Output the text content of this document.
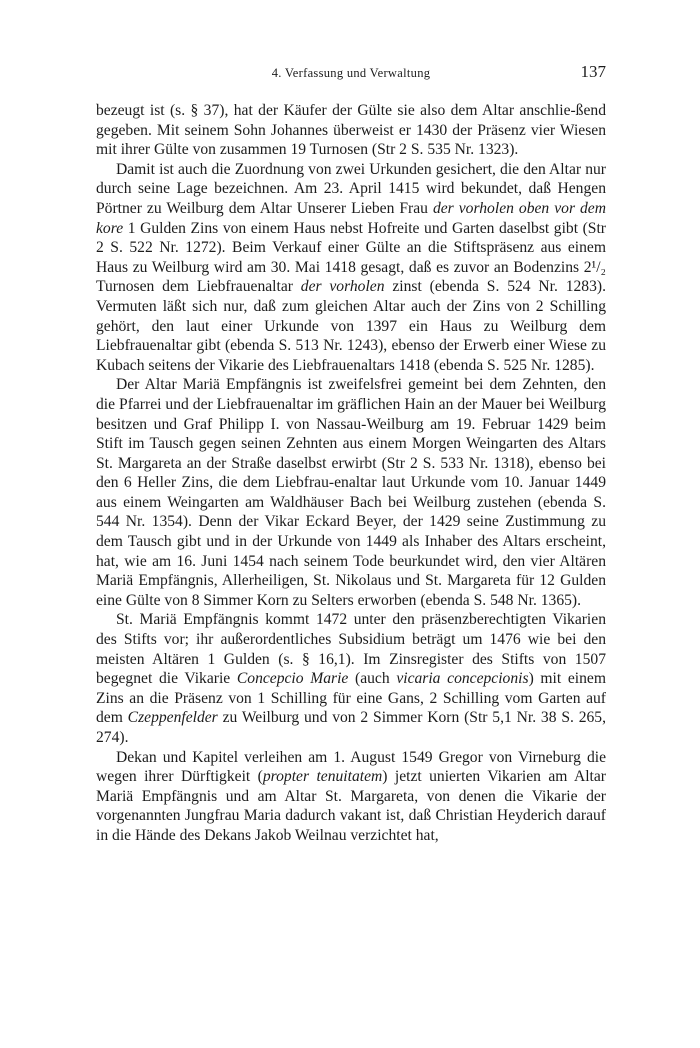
4. Verfassung und Verwaltung	137

bezeugt ist (s. § 37), hat der Käufer der Gülte sie also dem Altar anschlie-ßend gegeben. Mit seinem Sohn Johannes überweist er 1430 der Präsenz vier Wiesen mit ihrer Gülte von zusammen 19 Turnosen (Str 2 S. 535 Nr. 1323).

Damit ist auch die Zuordnung von zwei Urkunden gesichert, die den Altar nur durch seine Lage bezeichnen. Am 23. April 1415 wird bekundet, daß Hengen Pörtner zu Weilburg dem Altar Unserer Lieben Frau der vorholen oben vor dem kore 1 Gulden Zins von einem Haus nebst Hofreite und Garten daselbst gibt (Str 2 S. 522 Nr. 1272). Beim Verkauf einer Gülte an die Stiftspräsenz aus einem Haus zu Weilburg wird am 30. Mai 1418 gesagt, daß es zuvor an Bodenzins 2¹/₂ Turnosen dem Liebfrauenaltar der vorholen zinst (ebenda S. 524 Nr. 1283). Vermuten läßt sich nur, daß zum gleichen Altar auch der Zins von 2 Schilling gehört, den laut einer Urkunde von 1397 ein Haus zu Weilburg dem Liebfrauenaltar gibt (ebenda S. 513 Nr. 1243), ebenso der Erwerb einer Wiese zu Kubach seitens der Vikarie des Liebfrauenaltars 1418 (ebenda S. 525 Nr. 1285).

Der Altar Mariä Empfängnis ist zweifelsfrei gemeint bei dem Zehnten, den die Pfarrei und der Liebfrauenaltar im gräflichen Hain an der Mauer bei Weilburg besitzen und Graf Philipp I. von Nassau-Weilburg am 19. Februar 1429 beim Stift im Tausch gegen seinen Zehnten aus einem Morgen Weingarten des Altars St. Margareta an der Straße daselbst erwirbt (Str 2 S. 533 Nr. 1318), ebenso bei den 6 Heller Zins, die dem Liebfrau-enaltar laut Urkunde vom 10. Januar 1449 aus einem Weingarten am Waldhäuser Bach bei Weilburg zustehen (ebenda S. 544 Nr. 1354). Denn der Vikar Eckard Beyer, der 1429 seine Zustimmung zu dem Tausch gibt und in der Urkunde von 1449 als Inhaber des Altars erscheint, hat, wie am 16. Juni 1454 nach seinem Tode beurkundet wird, den vier Altären Mariä Empfängnis, Allerheiligen, St. Nikolaus und St. Margareta für 12 Gulden eine Gülte von 8 Simmer Korn zu Selters erworben (ebenda S. 548 Nr. 1365).

St. Mariä Empfängnis kommt 1472 unter den präsenzberechtigten Vikarien des Stifts vor; ihr außerordentliches Subsidium beträgt um 1476 wie bei den meisten Altären 1 Gulden (s. § 16,1). Im Zinsregister des Stifts von 1507 begegnet die Vikarie Concepcio Marie (auch vicaria concepcionis) mit einem Zins an die Präsenz von 1 Schilling für eine Gans, 2 Schilling vom Garten auf dem Czeppenfelder zu Weilburg und von 2 Simmer Korn (Str 5,1 Nr. 38 S. 265, 274).

Dekan und Kapitel verleihen am 1. August 1549 Gregor von Virneburg die wegen ihrer Dürftigkeit (propter tenuitatem) jetzt unierten Vikarien am Altar Mariä Empfängnis und am Altar St. Margareta, von denen die Vikarie der vorgenannten Jungfrau Maria dadurch vakant ist, daß Christian Heyderich darauf in die Hände des Dekans Jakob Weilnau verzichtet hat,
